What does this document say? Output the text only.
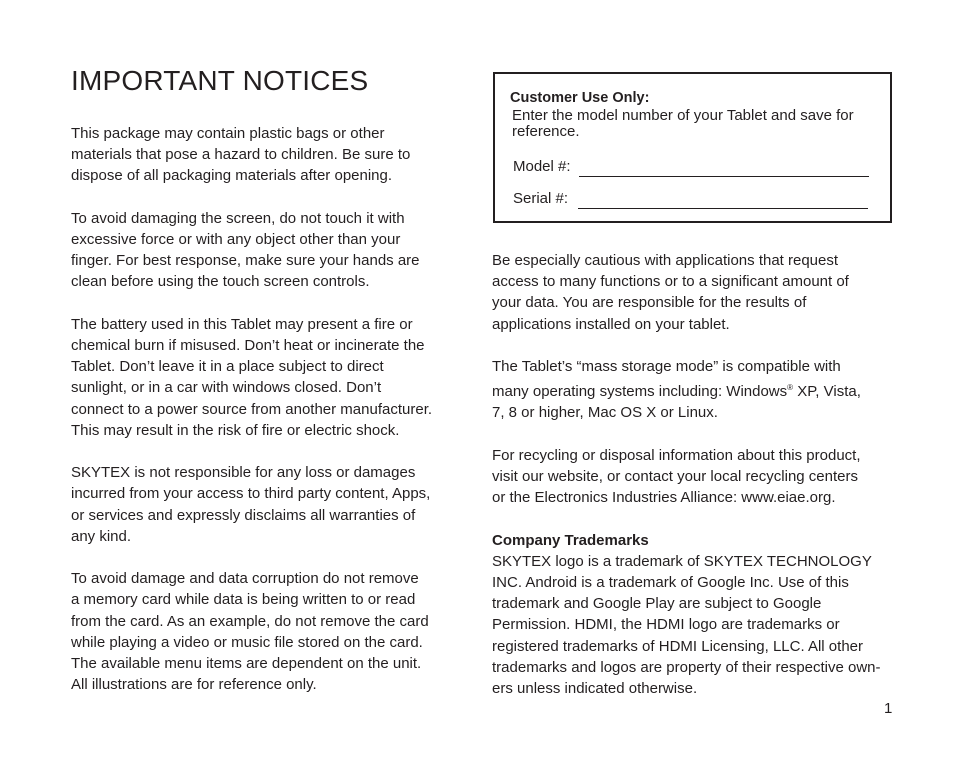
IMPORTANT NOTICES

This package may contain plastic bags or other
materials that pose a hazard to children. Be sure to
dispose of all packaging materials after opening.

To avoid damaging the screen, do not touch it with
excessive force or with any object other than your
finger. For best response, make sure your hands are
clean before using the touch screen controls.

The battery used in this Tablet may present a fire or
chemical burn if misused. Don’t heat or incinerate the
Tablet. Don’t leave it in a place subject to direct
sunlight, or in a car with windows closed. Don’t
connect to a power source from another manufacturer.
This may result in the risk of fire or electric shock.

SKYTEX is not responsible for any loss or damages
incurred from your access to third party content, Apps,
or services and expressly disclaims all warranties of
any kind.

To avoid damage and data corruption do not remove
a memory card while data is being written to or read
from the card. As an example, do not remove the card
while playing a video or music file stored on the card.
The available menu items are dependent on the unit.
All illustrations are for reference only.

Customer Use Only:
Enter the model number of your Tablet and save for
reference.
Model #:
Serial #:

Be especially cautious with applications that request
access to many functions or to a significant amount of
your data. You are responsible for the results of
applications installed on your tablet.

The Tablet’s “mass storage mode” is compatible with
many operating systems including: Windows® XP, Vista,
7, 8 or higher, Mac OS X or Linux.

For recycling or disposal information about this product,
visit our website, or contact your local recycling centers
or the Electronics Industries Alliance: www.eiae.org.

Company Trademarks

SKYTEX logo is a trademark of SKYTEX TECHNOLOGY
INC. Android is a trademark of Google Inc. Use of this
trademark and Google Play are subject to Google
Permission. HDMI, the HDMI logo are trademarks or
registered trademarks of HDMI Licensing, LLC. All other
trademarks and logos are property of their respective own-
ers unless indicated otherwise.

1
